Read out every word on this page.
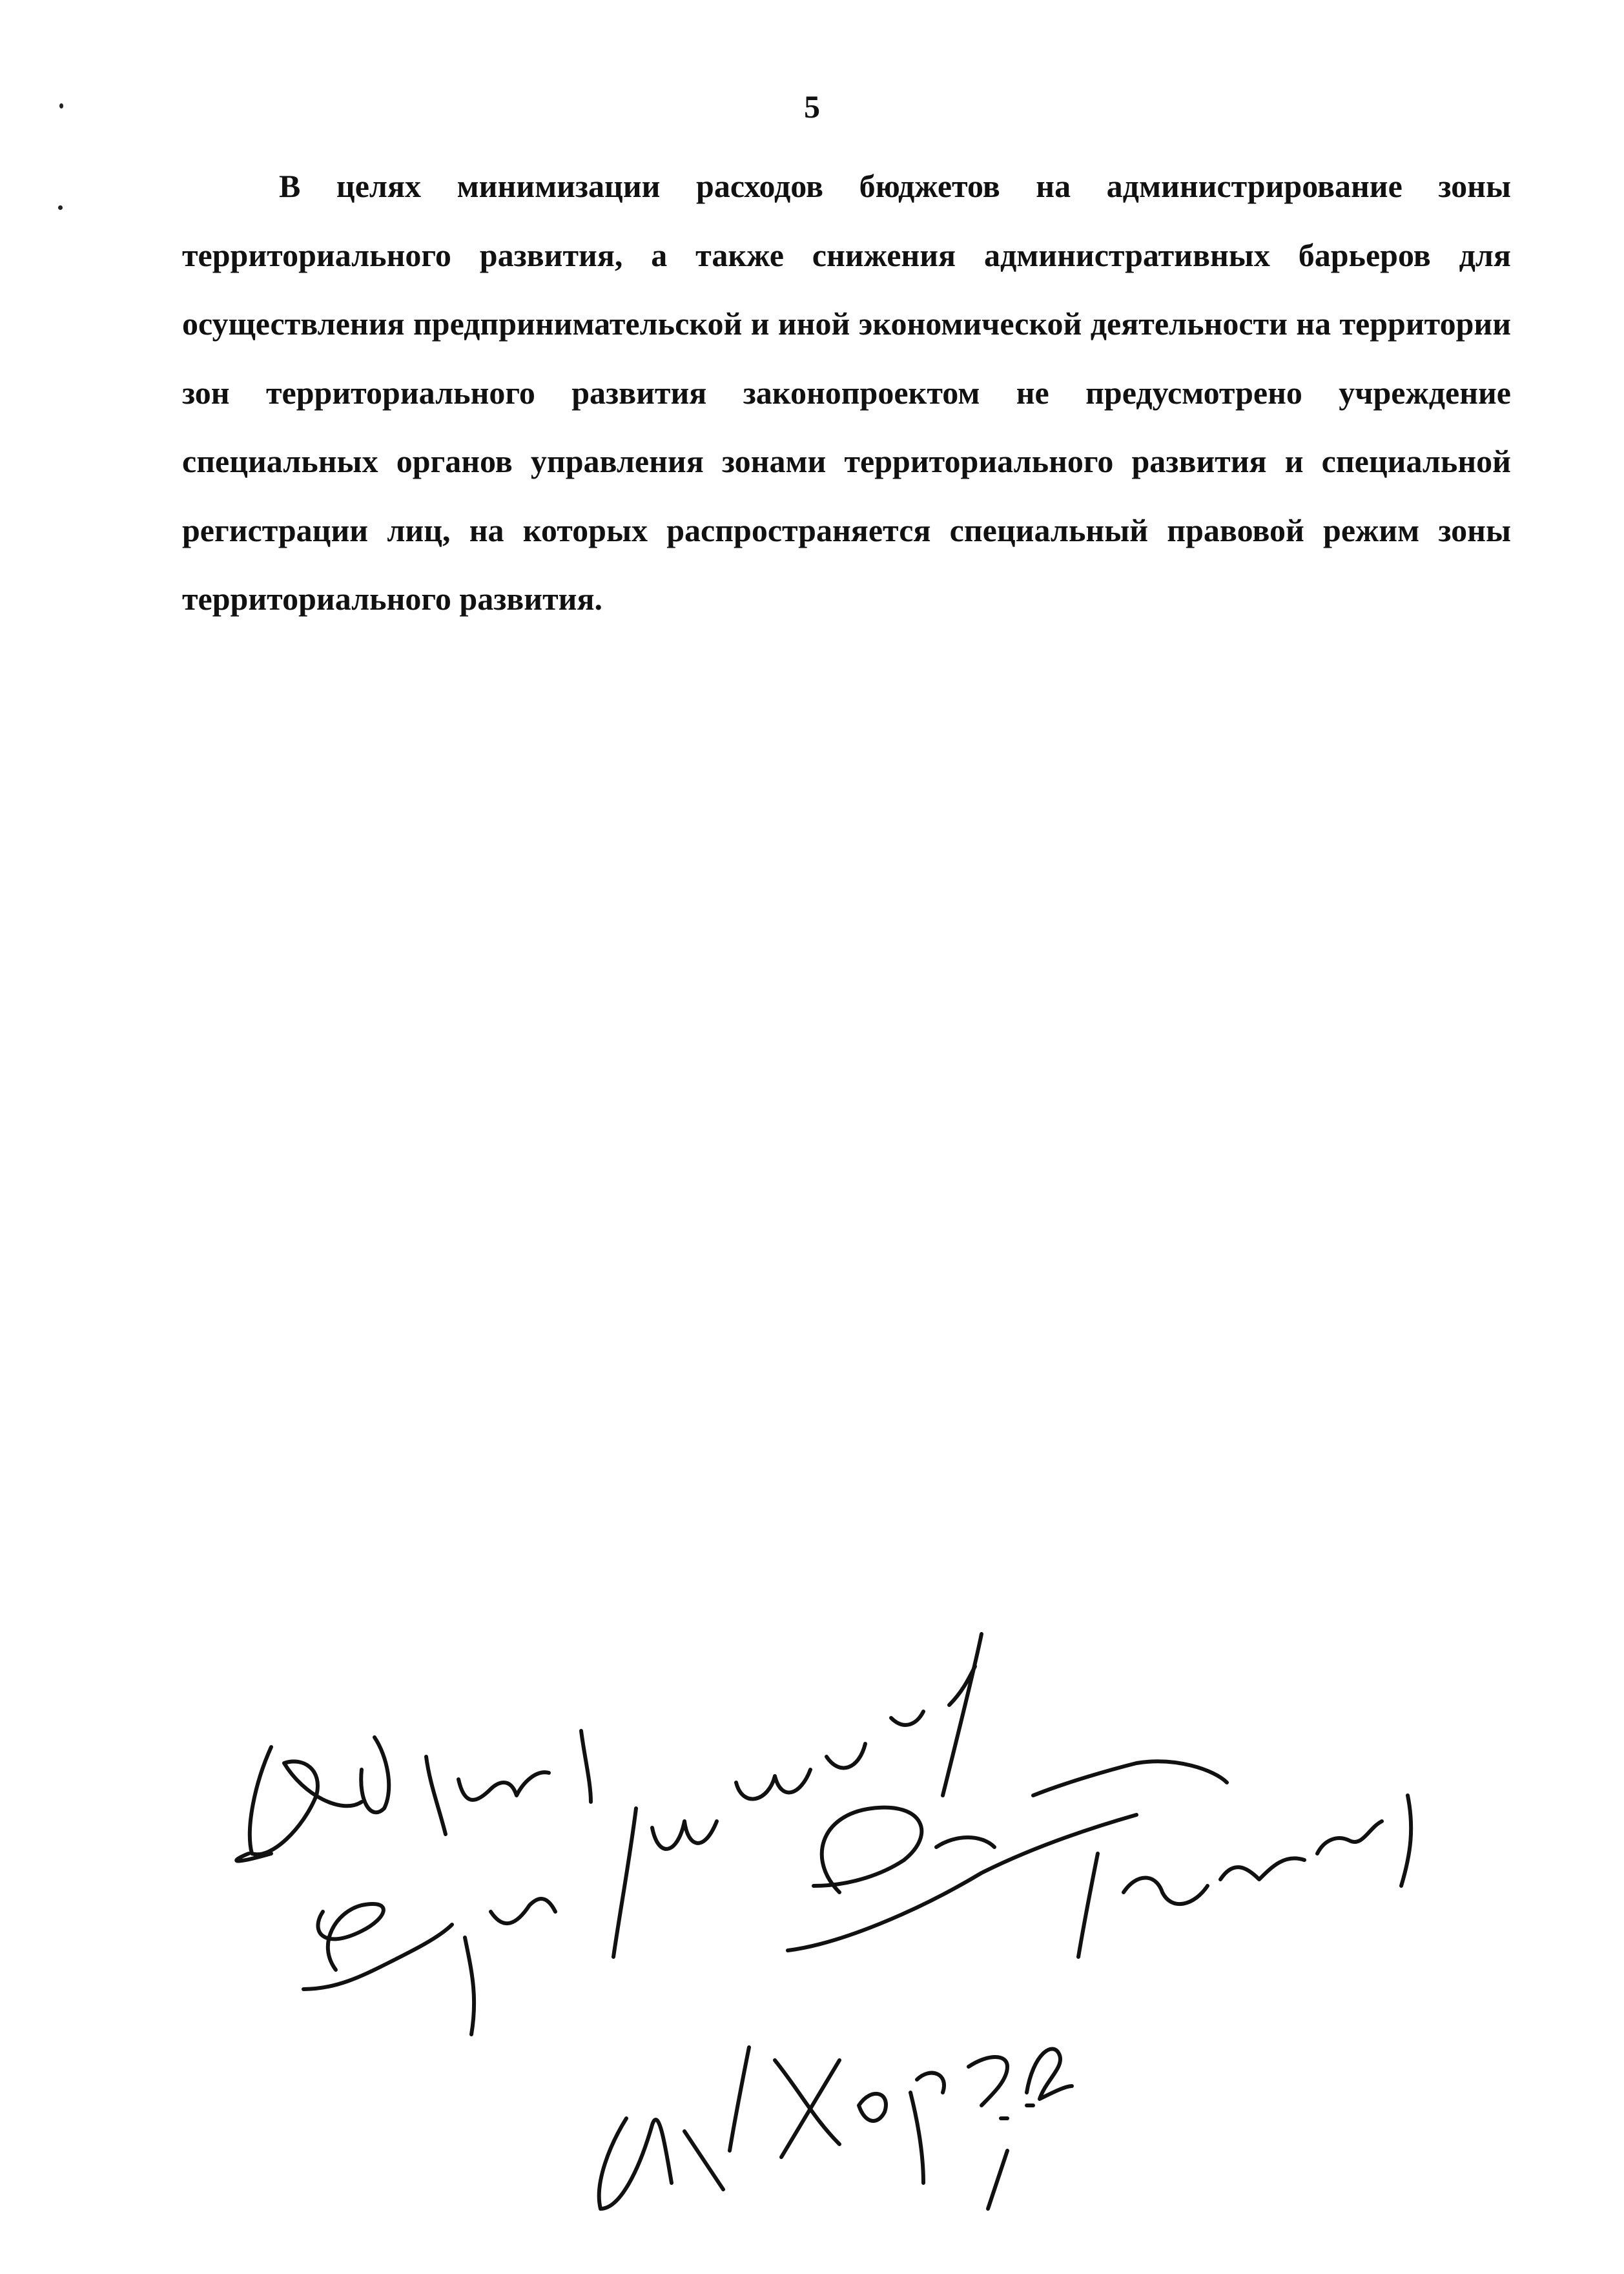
5

В целях минимизации расходов бюджетов на администрирование зоны территориального развития, а также снижения административных барьеров для осуществления предпринимательской и иной экономической деятельности на территории зон территориального развития законопроектом не предусмотрено учреждение специальных органов управления зонами территориального развития и специальной регистрации лиц, на которых распространяется специальный правовой режим зоны территориального развития.
